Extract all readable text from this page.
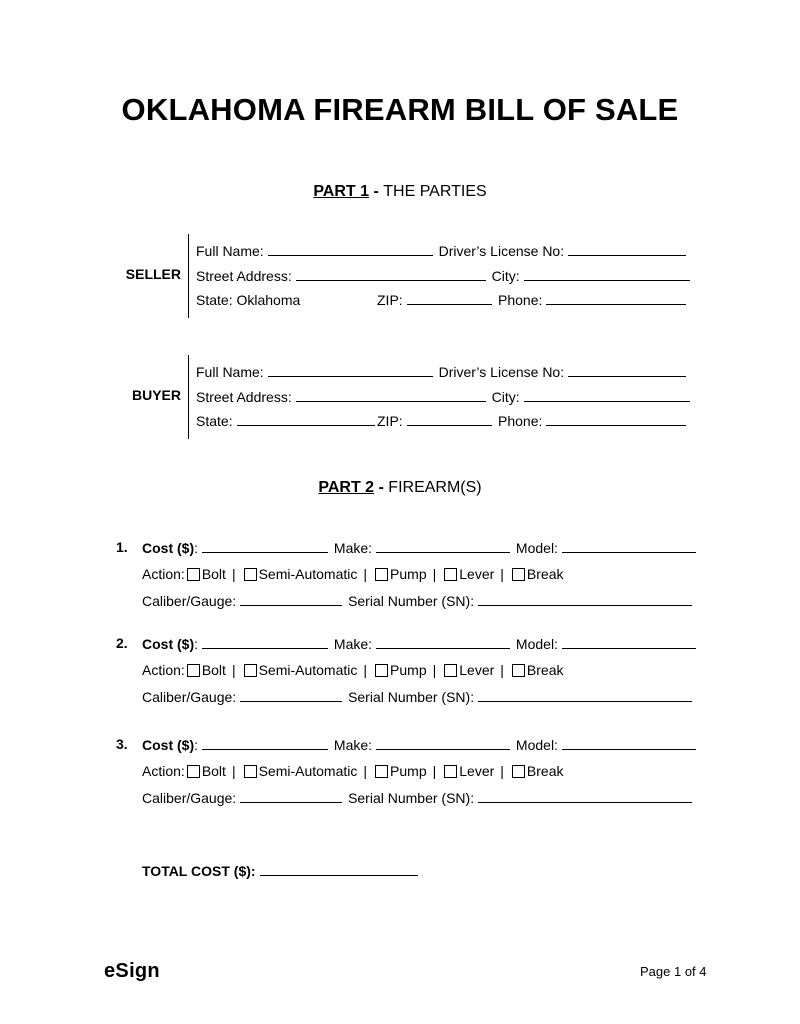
OKLAHOMA FIREARM BILL OF SALE
PART 1 - THE PARTIES
SELLER
Full Name:	Driver’s License No:
Street Address:	City:
State: Oklahoma	ZIP:	Phone:
BUYER
Full Name:	Driver’s License No:
Street Address:	City:
State:	ZIP:	Phone:
PART 2 - FIREARM(S)
1. Cost ($):	Make:	Model:
Action: Bolt | Semi-Automatic | Pump | Lever | Break
Caliber/Gauge:	Serial Number (SN):
2. Cost ($):	Make:	Model:
Action: Bolt | Semi-Automatic | Pump | Lever | Break
Caliber/Gauge:	Serial Number (SN):
3. Cost ($):	Make:	Model:
Action: Bolt | Semi-Automatic | Pump | Lever | Break
Caliber/Gauge:	Serial Number (SN):
TOTAL COST ($):
eSign	Page 1 of 4
